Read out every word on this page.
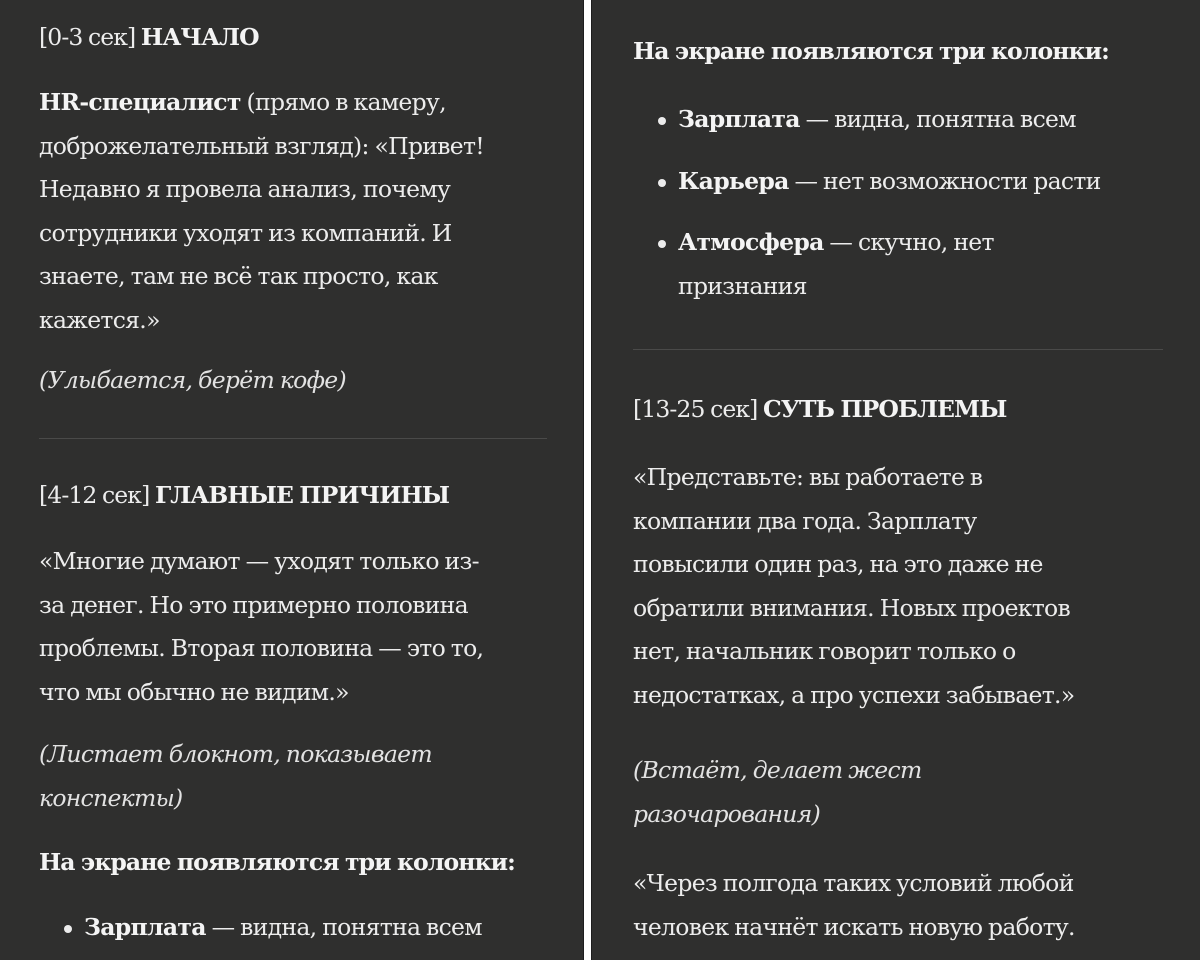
[0-3 сек] НАЧАЛО

HR-специалист (прямо в камеру,

доброжелательный взгляд): «Привет!

Недавно я провела анализ, почему

сотрудники уходят из компаний. И

знаете, там не всё так просто, как

кажется.»

(Улыбается, берёт кофе)

[4-12 сек] ГЛАВНЫЕ ПРИЧИНЫ

«Многие думают — уходят только из-

за денег. Но это примерно половина

проблемы. Вторая половина — это то,

что мы обычно не видим.»

(Листает блокнот, показывает

конспекты)

На экране появляются три колонки:

Зарплата — видна, понятна всем

На экране появляются три колонки:

Зарплата — видна, понятна всем
Карьера — нет возможности расти
Атмосфера — скучно, нет
признания

[13-25 сек] СУТЬ ПРОБЛЕМЫ

«Представьте: вы работаете в

компании два года. Зарплату

повысили один раз, на это даже не

обратили внимания. Новых проектов

нет, начальник говорит только о

недостатках, а про успехи забывает.»

(Встаёт, делает жест

разочарования)

«Через полгода таких условий любой

человек начнёт искать новую работу.
